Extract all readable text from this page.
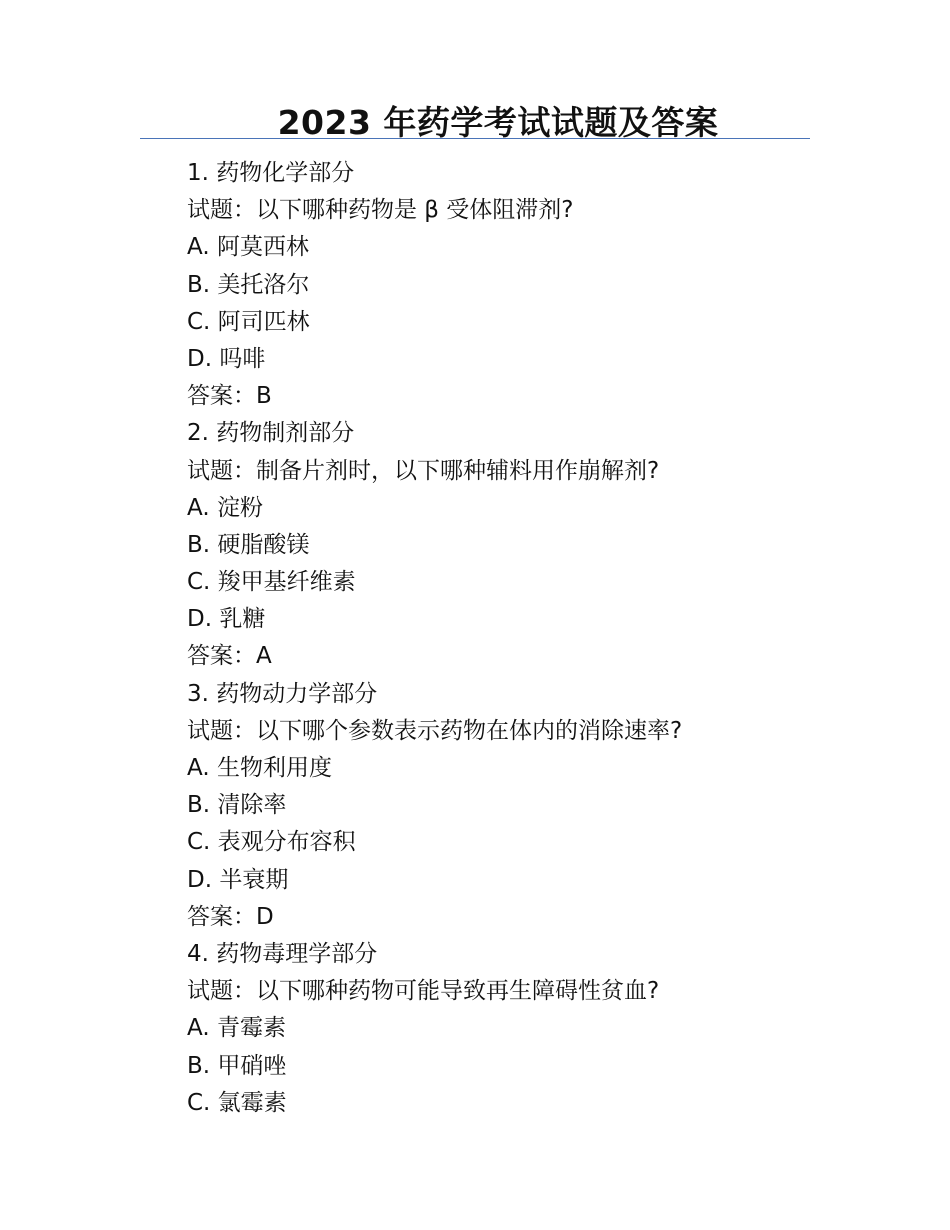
2023 年药学考试试题及答案
1. 药物化学部分
试题：以下哪种药物是 β 受体阻滞剂?
A. 阿莫西林
B. 美托洛尔
C. 阿司匹林
D. 吗啡
答案：B
2. 药物制剂部分
试题：制备片剂时，以下哪种辅料用作崩解剂?
A. 淀粉
B. 硬脂酸镁
C. 羧甲基纤维素
D. 乳糖
答案：A
3. 药物动力学部分
试题：以下哪个参数表示药物在体内的消除速率?
A. 生物利用度
B. 清除率
C. 表观分布容积
D. 半衰期
答案：D
4. 药物毒理学部分
试题：以下哪种药物可能导致再生障碍性贫血?
A. 青霉素
B. 甲硝唑
C. 氯霉素
